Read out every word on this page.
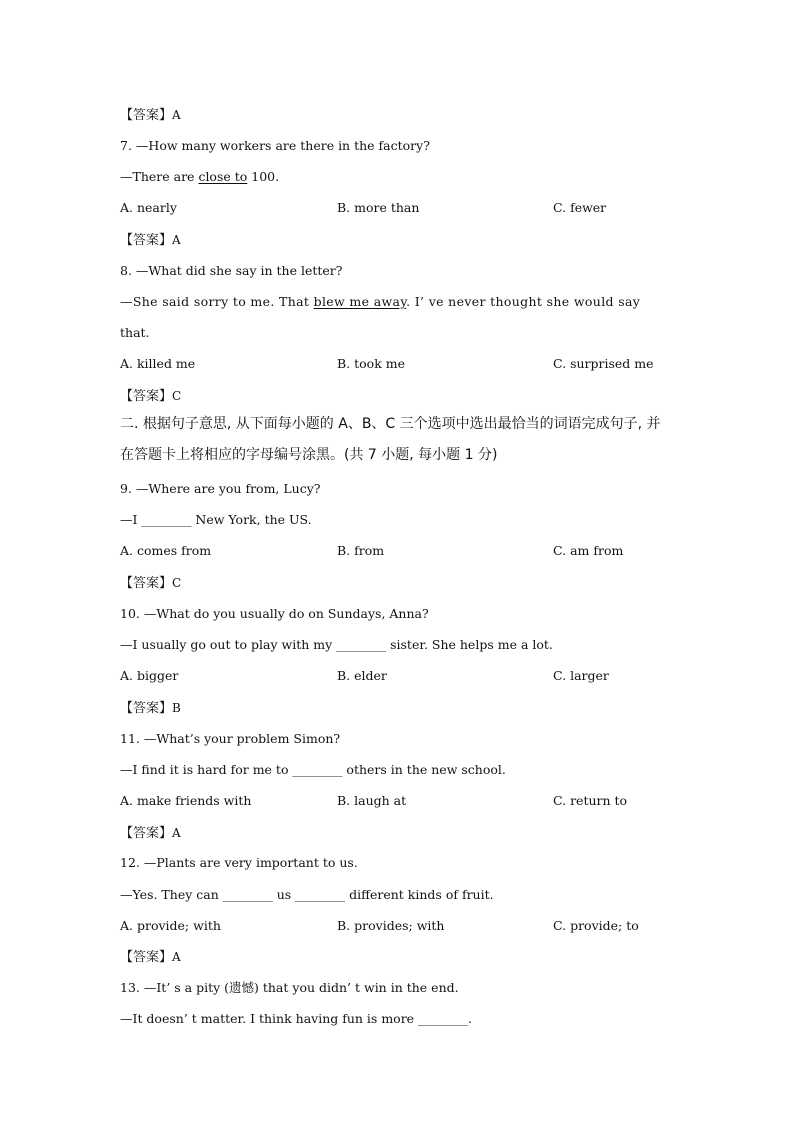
【答案】A
7. —How many workers are there in the factory?
—There are close to 100.
A. nearly	B. more than	C. fewer
【答案】A
8. —What did she say in the letter?
—She said sorry to me. That blew me away. I’ ve never thought she would say
that.
A. killed me	B. took me	C. surprised me
【答案】C
二. 根据句子意思, 从下面每小题的 A、B、C 三个选项中选出最恰当的词语完成句子, 并
在答题卡上将相应的字母编号涂黑。(共 7 小题, 每小题 1 分)
9. —Where are you from, Lucy?
—I ________ New York, the US.
A. comes from	B. from	C. am from
【答案】C
10. —What do you usually do on Sundays, Anna?
—I usually go out to play with my ________ sister. She helps me a lot.
A. bigger	B. elder	C. larger
【答案】B
11. —What’s your problem Simon?
—I find it is hard for me to ________ others in the new school.
A. make friends with	B. laugh at	C. return to
【答案】A
12. —Plants are very important to us.
—Yes. They can ________ us ________ different kinds of fruit.
A. provide; with	B. provides; with	C. provide; to
【答案】A
13. —It’ s a pity (遗憾) that you didn’ t win in the end.
—It doesn’ t matter. I think having fun is more ________.
